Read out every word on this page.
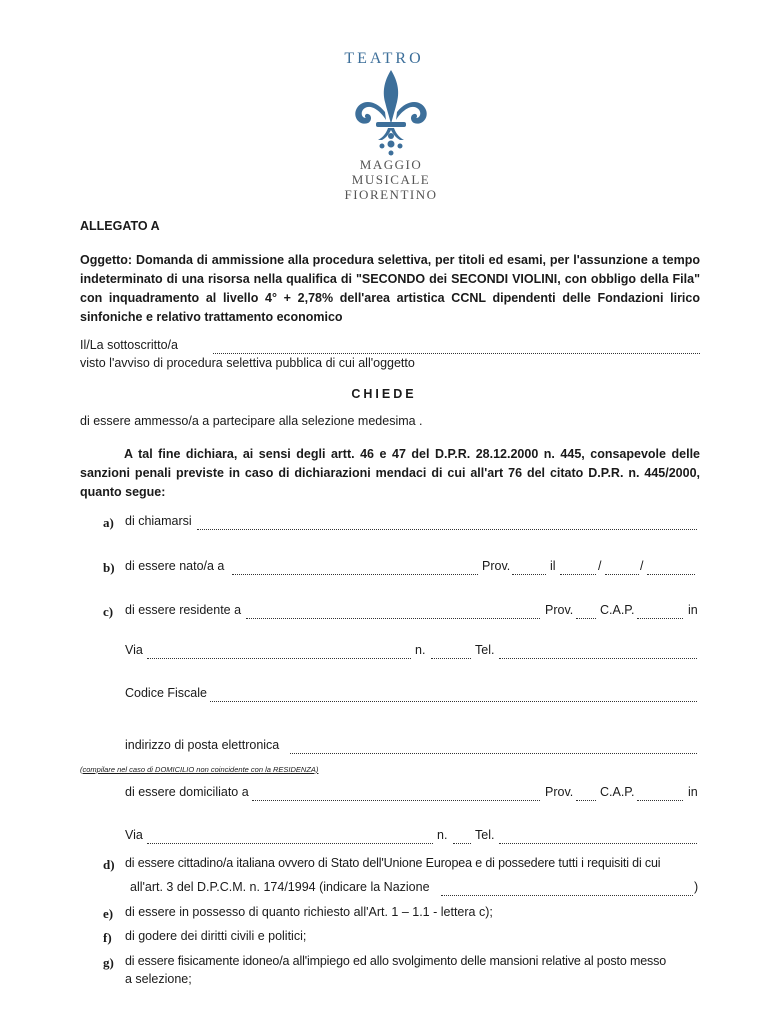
TEATRO
MAGGIO
MUSICALE
FIORENTINO
ALLEGATO A
Oggetto: Domanda di ammissione alla procedura selettiva, per titoli ed esami, per l'assunzione a tempo indeterminato di una risorsa nella qualifica di "SECONDO dei SECONDI VIOLINI, con obbligo della Fila" con inquadramento al livello 4° + 2,78% dell'area artistica CCNL dipendenti delle Fondazioni lirico sinfoniche e relativo trattamento economico
Il/La sottoscritto/a
visto l'avviso di procedura selettiva pubblica di cui all'oggetto
CHIEDE
di essere ammesso/a a partecipare alla selezione medesima .
A tal fine dichiara, ai sensi degli artt. 46 e 47 del D.P.R. 28.12.2000 n. 445, consapevole delle sanzioni penali previste in caso di dichiarazioni mendaci di cui all'art 76 del citato D.P.R. n. 445/2000, quanto segue:
a) di chiamarsi
b) di essere nato/a a	Prov.	il	/	/
c) di essere residente a	Prov. C.A.P.	in
Via	n.	Tel.
Codice Fiscale
indirizzo di posta elettronica
(compilare nel caso di DOMICILIO non coincidente con la RESIDENZA)
di essere domiciliato a	Prov. C.A.P.	in
Via	n. Tel.
d) di essere cittadino/a italiana ovvero di Stato dell'Unione Europea e di possedere tutti i requisiti di cui
all'art. 3 del D.P.C.M. n. 174/1994 (indicare la Nazione	)
e) di essere in possesso di quanto richiesto all'Art. 1 – 1.1 - lettera c);
f) di godere dei diritti civili e politici;
g) di essere fisicamente idoneo/a all'impiego ed allo svolgimento delle mansioni relative al posto messo
a selezione;
